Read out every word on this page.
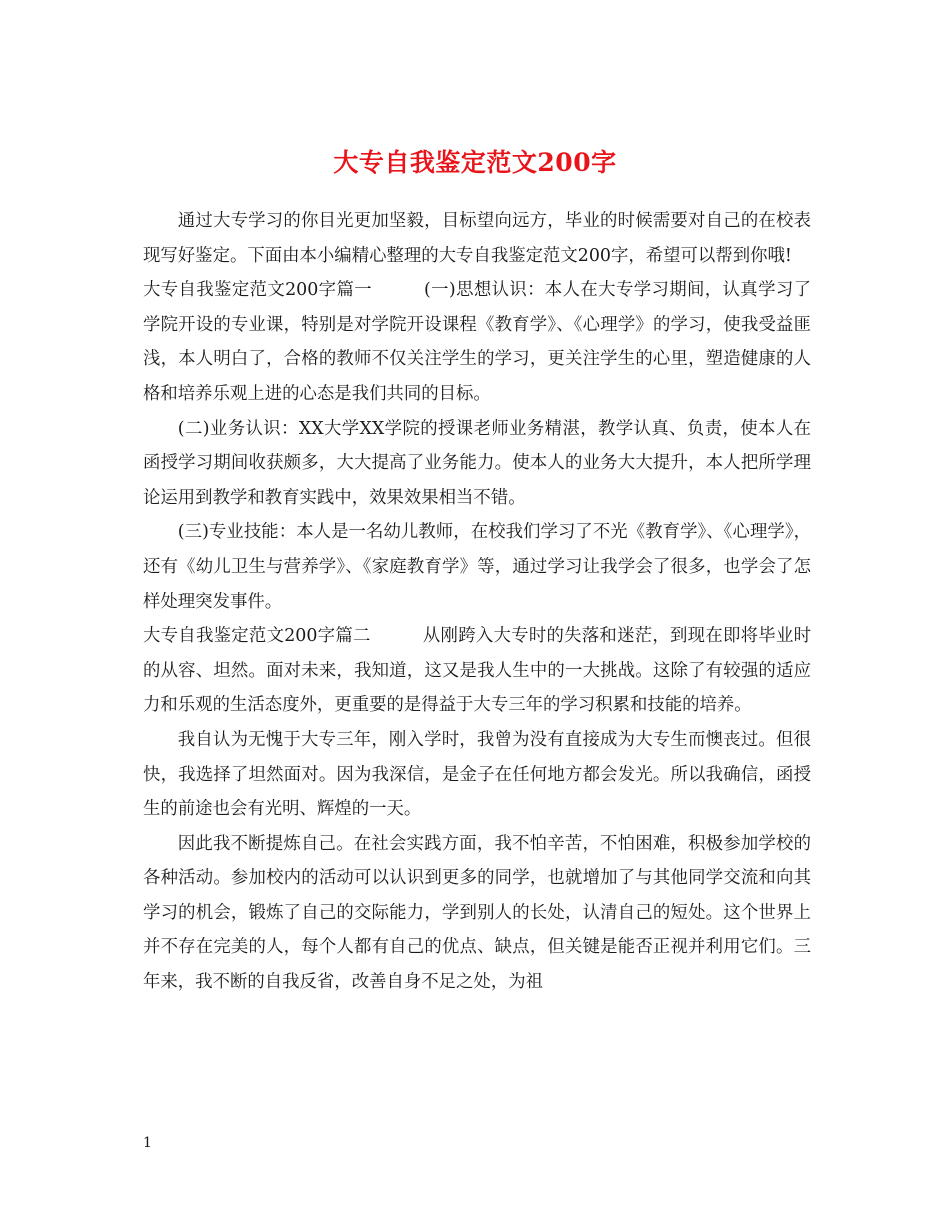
大专自我鉴定范文200字

通过大专学习的你目光更加坚毅，目标望向远方，毕业的时候需要对自己的在校表现写好鉴定。下面由本小编精心整理的大专自我鉴定范文200字，希望可以帮到你哦!

大专自我鉴定范文200字篇一	(一)思想认识：本人在大专学习期间，认真学习了学院开设的专业课，特别是对学院开设课程《教育学》、《心理学》的学习，使我受益匪浅，本人明白了，合格的教师不仅关注学生的学习，更关注学生的心里，塑造健康的人格和培养乐观上进的心态是我们共同的目标。

(二)业务认识：XX大学XX学院的授课老师业务精湛，教学认真、负责，使本人在函授学习期间收获颇多，大大提高了业务能力。使本人的业务大大提升，本人把所学理论运用到教学和教育实践中，效果效果相当不错。

(三)专业技能：本人是一名幼儿教师，在校我们学习了不光《教育学》、《心理学》，还有《幼儿卫生与营养学》、《家庭教育学》等，通过学习让我学会了很多，也学会了怎样处理突发事件。

大专自我鉴定范文200字篇二	从刚跨入大专时的失落和迷茫，到现在即将毕业时的从容、坦然。面对未来，我知道，这又是我人生中的一大挑战。这除了有较强的适应力和乐观的生活态度外，更重要的是得益于大专三年的学习积累和技能的培养。

我自认为无愧于大专三年，刚入学时，我曾为没有直接成为大专生而懊丧过。但很快，我选择了坦然面对。因为我深信，是金子在任何地方都会发光。所以我确信，函授生的前途也会有光明、辉煌的一天。

因此我不断提炼自己。在社会实践方面，我不怕辛苦，不怕困难，积极参加学校的各种活动。参加校内的活动可以认识到更多的同学，也就增加了与其他同学交流和向其学习的机会，锻炼了自己的交际能力，学到别人的长处，认清自己的短处。这个世界上并不存在完美的人，每个人都有自己的优点、缺点，但关键是能否正视并利用它们。三年来，我不断的自我反省，改善自身不足之处，为祖

1
